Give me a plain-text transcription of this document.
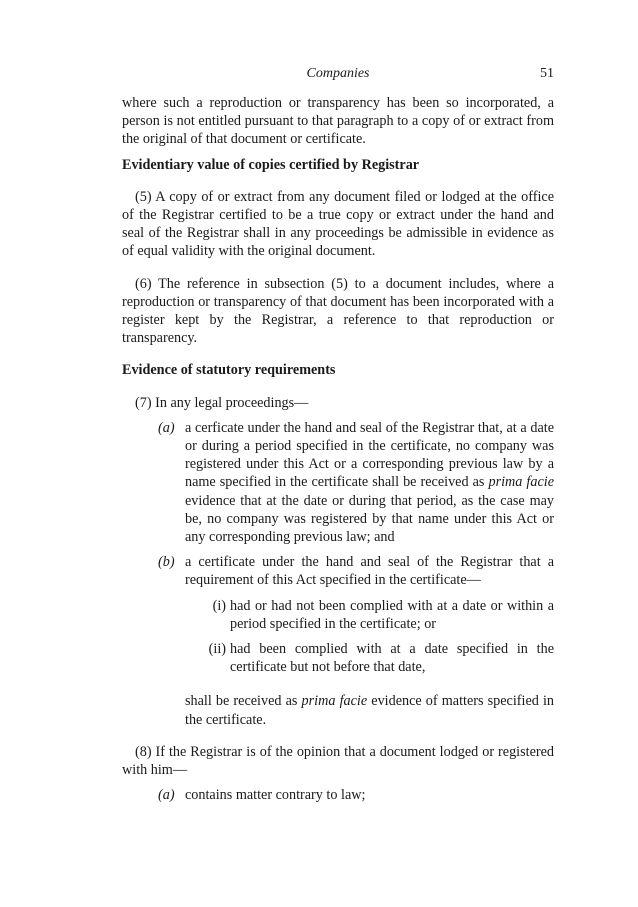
Companies	51

where such a reproduction or transparency has been so incorporated, a person is not entitled pursuant to that paragraph to a copy of or extract from the original of that document or certificate.

Evidentiary value of copies certified by Registrar

(5) A copy of or extract from any document filed or lodged at the office of the Registrar certified to be a true copy or extract under the hand and seal of the Registrar shall in any proceedings be admissible in evidence as of equal validity with the original document.

(6) The reference in subsection (5) to a document includes, where a reproduction or transparency of that document has been incorporated with a register kept by the Registrar, a reference to that reproduction or transparency.

Evidence of statutory requirements

(7) In any legal proceedings—

(a) a cerficate under the hand and seal of the Registrar that, at a date or during a period specified in the certificate, no company was registered under this Act or a corresponding previous law by a name specified in the certificate shall be received as prima facie evidence that at the date or during that period, as the case may be, no company was registered by that name under this Act or any corresponding previous law; and
(b) a certificate under the hand and seal of the Registrar that a requirement of this Act specified in the certificate—
(i) had or had not been complied with at a date or within a period specified in the certificate; or
(ii) had been complied with at a date specified in the certificate but not before that date,
shall be received as prima facie evidence of matters specified in the certificate.

(8) If the Registrar is of the opinion that a document lodged or registered with him—

(a) contains matter contrary to law;
